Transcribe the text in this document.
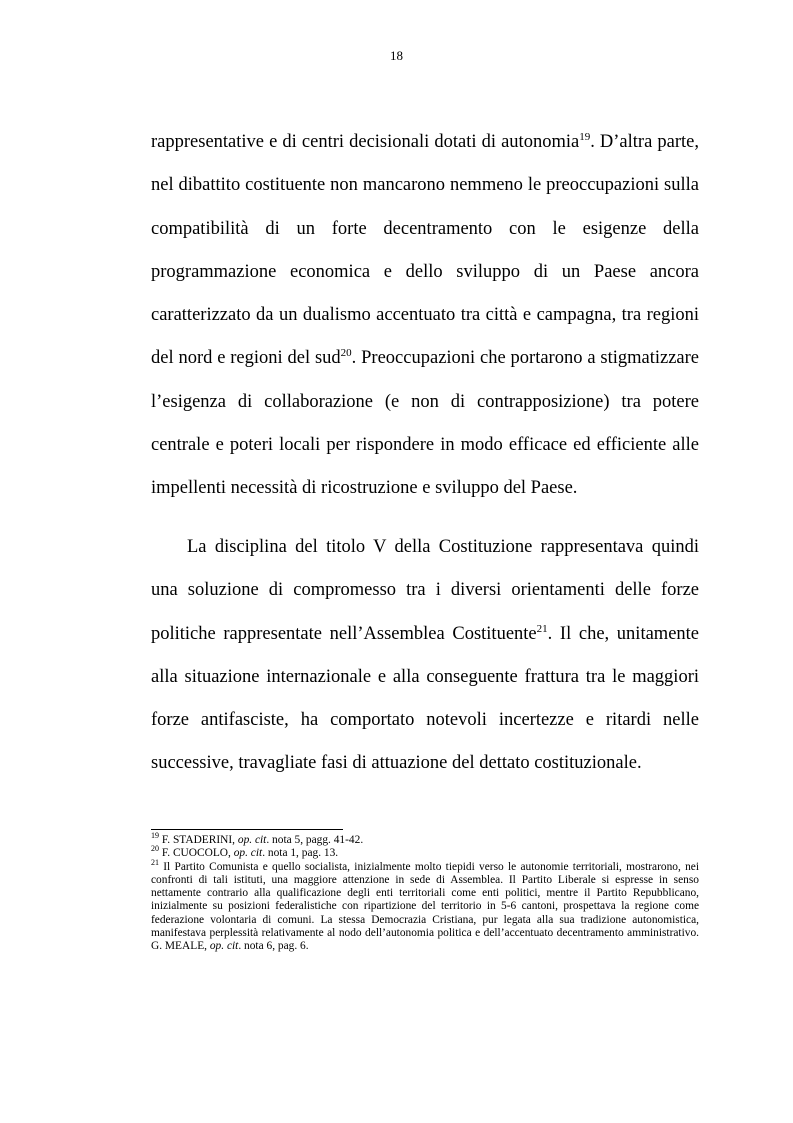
18

rappresentative e di centri decisionali dotati di autonomia$^{19}$. D’altra parte, nel dibattito costituente non mancarono nemmeno le preoccupazioni sulla compatibilità di un forte decentramento con le esigenze della programmazione economica e dello sviluppo di un Paese ancora caratterizzato da un dualismo accentuato tra città e campagna, tra regioni del nord e regioni del sud$^{20}$. Preoccupazioni che portarono a stigmatizzare l’esigenza di collaborazione (e non di contrapposizione) tra potere centrale e poteri locali per rispondere in modo efficace ed efficiente alle impellenti necessità di ricostruzione e sviluppo del Paese.

La disciplina del titolo V della Costituzione rappresentava quindi una soluzione di compromesso tra i diversi orientamenti delle forze politiche rappresentate nell’Assemblea Costituente$^{21}$. Il che, unitamente alla situazione internazionale e alla conseguente frattura tra le maggiori forze antifasciste, ha comportato notevoli incertezze e ritardi nelle successive, travagliate fasi di attuazione del dettato costituzionale.

$^{19}$ F. STADERINI, op. cit. nota 5, pagg. 41-42.

$^{20}$ F. CUOCOLO, op. cit. nota 1, pag. 13.

$^{21}$ Il Partito Comunista e quello socialista, inizialmente molto tiepidi verso le autonomie territoriali, mostrarono, nei confronti di tali istituti, una maggiore attenzione in sede di Assemblea. Il Partito Liberale si espresse in senso nettamente contrario alla qualificazione degli enti territoriali come enti politici, mentre il Partito Repubblicano, inizialmente su posizioni federalistiche con ripartizione del territorio in 5-6 cantoni, prospettava la regione come federazione volontaria di comuni. La stessa Democrazia Cristiana, pur legata alla sua tradizione autonomistica, manifestava perplessità relativamente al nodo dell’autonomia politica e dell’accentuato decentramento amministrativo. G. MEALE, op. cit. nota 6, pag. 6.
